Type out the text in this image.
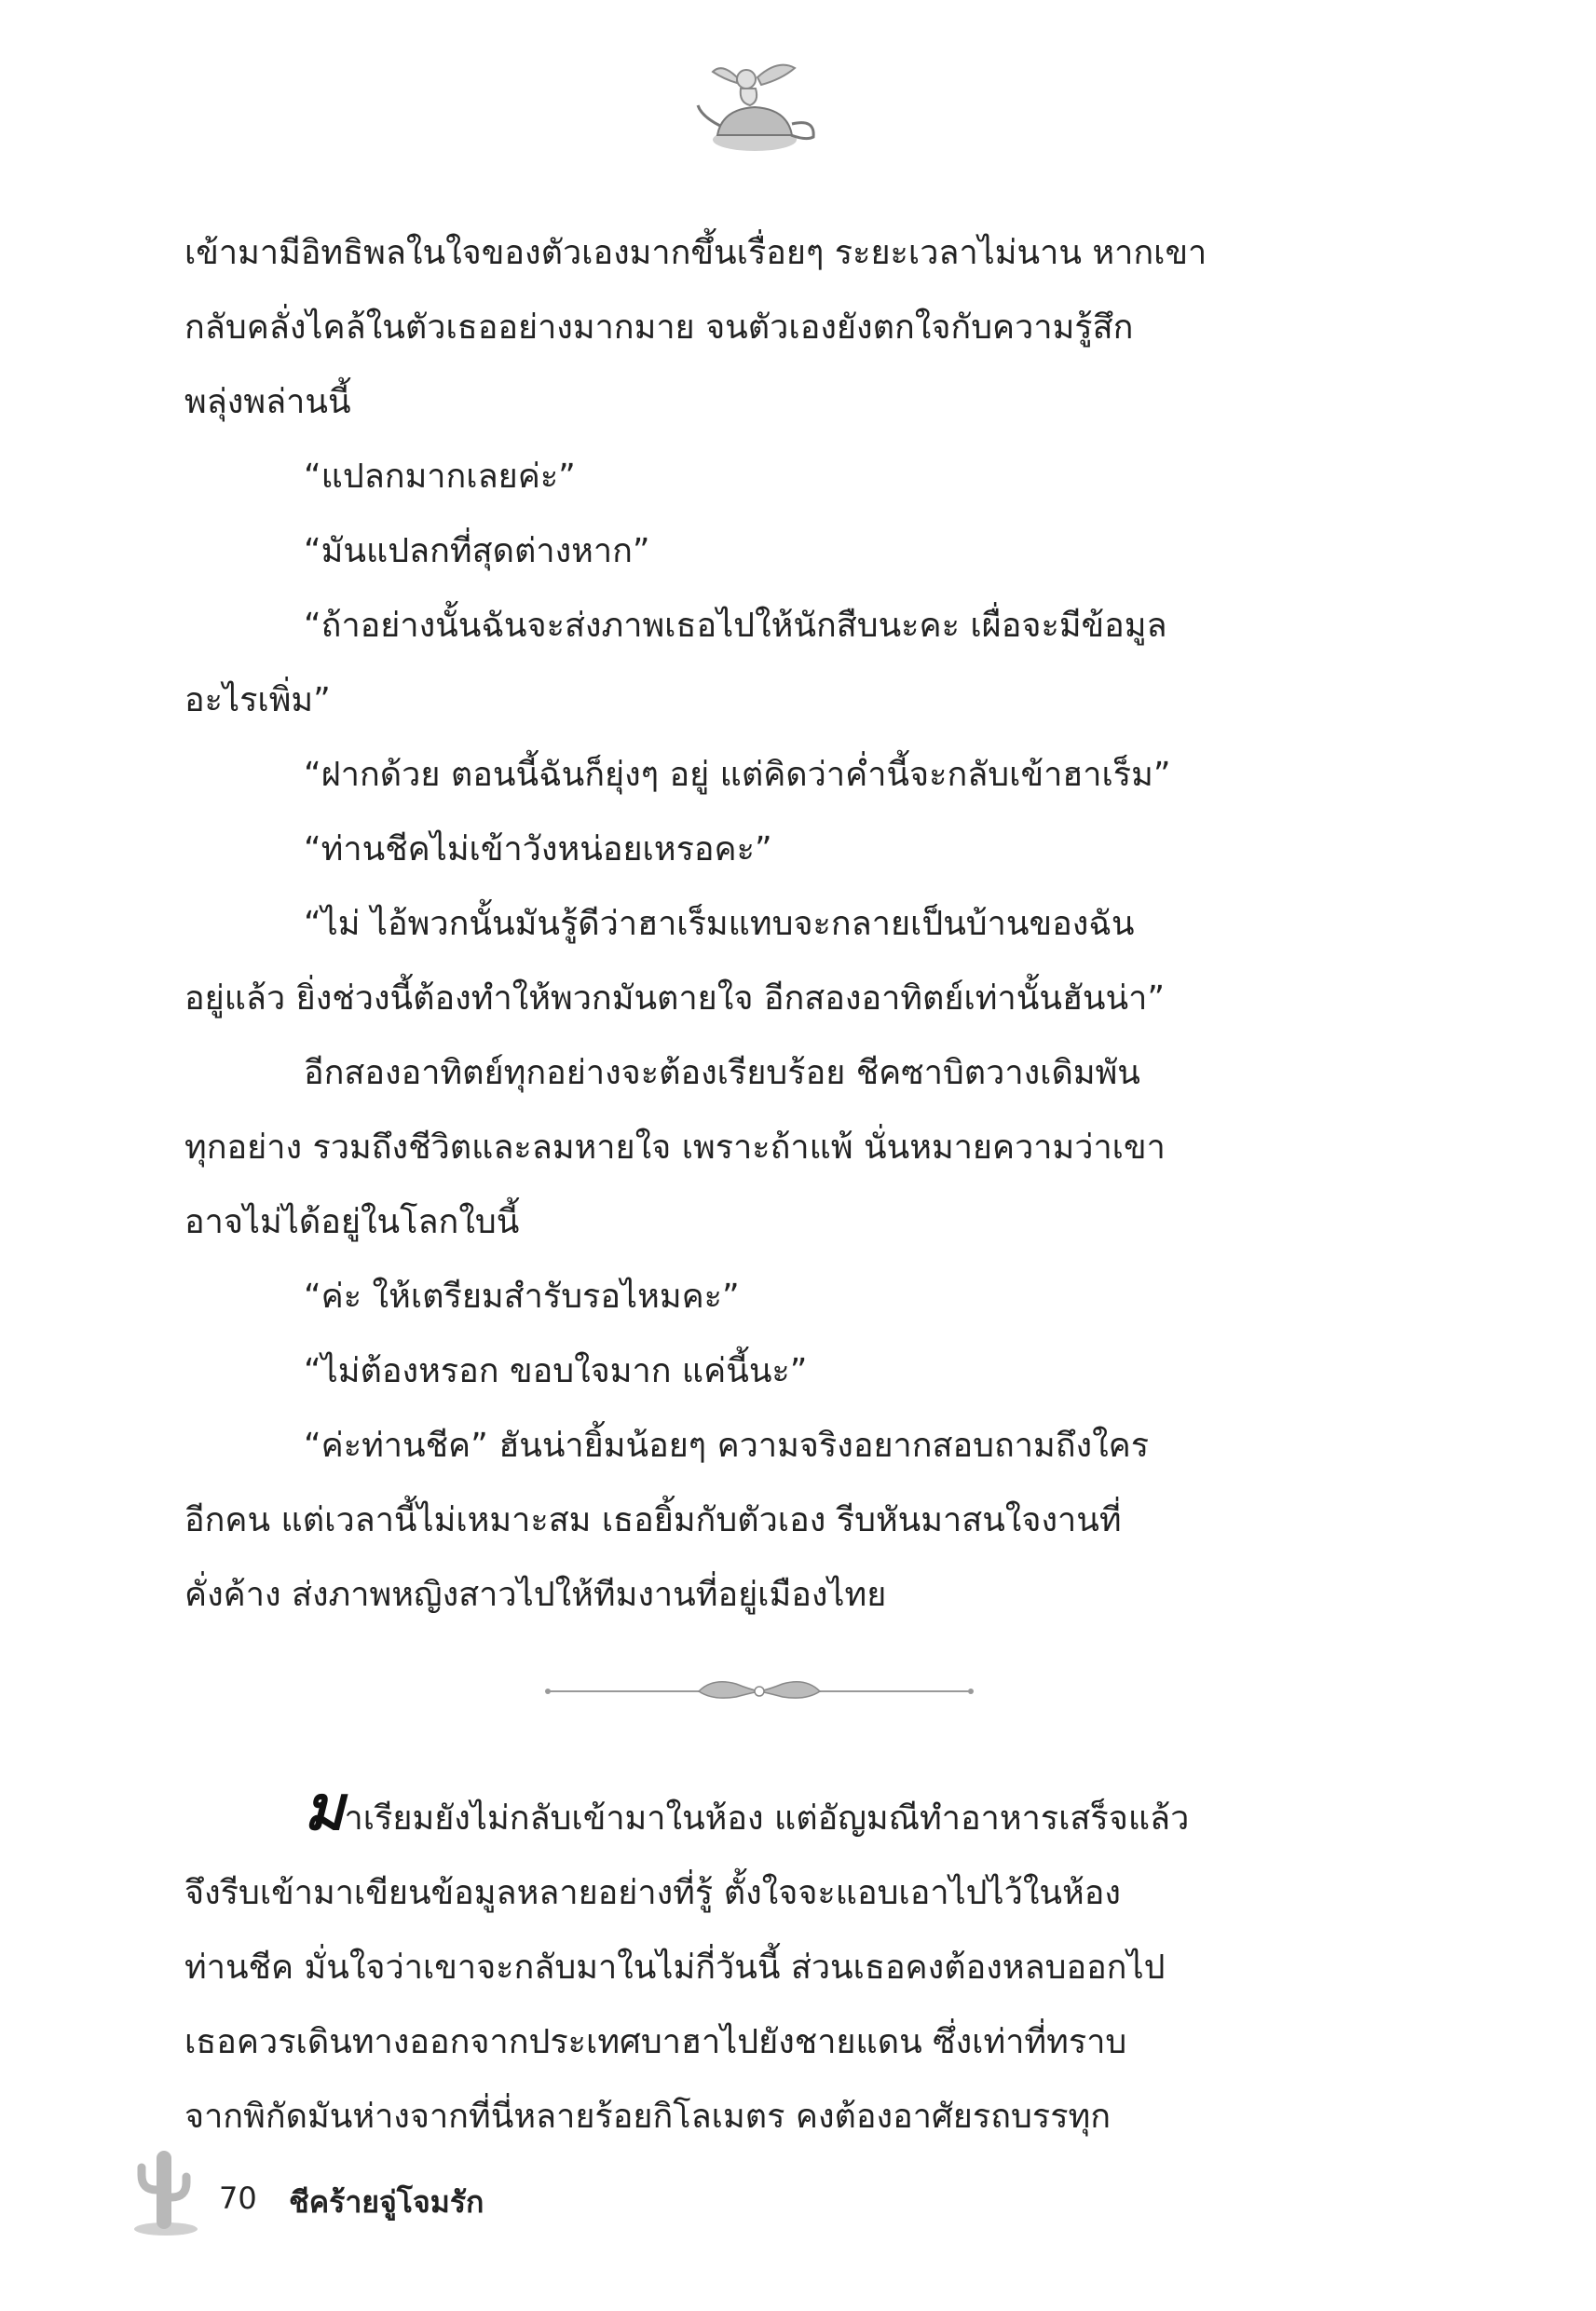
เข้ามามีอิทธิพลในใจของตัวเองมากขึ้นเรื่อยๆ ระยะเวลาไม่นาน หากเขา

กลับคลั่งไคล้ในตัวเธออย่างมากมาย จนตัวเองยังตกใจกับความรู้สึก

พลุ่งพล่านนี้

“แปลกมากเลยค่ะ”

“มันแปลกที่สุดต่างหาก”

“ถ้าอย่างนั้นฉันจะส่งภาพเธอไปให้นักสืบนะคะ เผื่อจะมีข้อมูล

อะไรเพิ่ม”

“ฝากด้วย ตอนนี้ฉันก็ยุ่งๆ อยู่ แต่คิดว่าค่ำนี้จะกลับเข้าฮาเร็ม”

“ท่านชีคไม่เข้าวังหน่อยเหรอคะ”

“ไม่ ไอ้พวกนั้นมันรู้ดีว่าฮาเร็มแทบจะกลายเป็นบ้านของฉัน

อยู่แล้ว ยิ่งช่วงนี้ต้องทำให้พวกมันตายใจ อีกสองอาทิตย์เท่านั้นฮันน่า”

อีกสองอาทิตย์ทุกอย่างจะต้องเรียบร้อย ชีคซาบิตวางเดิมพัน

ทุกอย่าง รวมถึงชีวิตและลมหายใจ เพราะถ้าแพ้ นั่นหมายความว่าเขา

อาจไม่ได้อยู่ในโลกใบนี้

“ค่ะ ให้เตรียมสำรับรอไหมคะ”

“ไม่ต้องหรอก ขอบใจมาก แค่นี้นะ”

“ค่ะท่านชีค” ฮันน่ายิ้มน้อยๆ ความจริงอยากสอบถามถึงใคร

อีกคน แต่เวลานี้ไม่เหมาะสม เธอยิ้มกับตัวเอง รีบหันมาสนใจงานที่

คั่งค้าง ส่งภาพหญิงสาวไปให้ทีมงานที่อยู่เมืองไทย

มาเรียมยังไม่กลับเข้ามาในห้อง แต่อัญมณีทำอาหารเสร็จแล้ว

จึงรีบเข้ามาเขียนข้อมูลหลายอย่างที่รู้ ตั้งใจจะแอบเอาไปไว้ในห้อง

ท่านชีค มั่นใจว่าเขาจะกลับมาในไม่กี่วันนี้ ส่วนเธอคงต้องหลบออกไป

เธอควรเดินทางออกจากประเทศบาฮาไปยังชายแดน ซึ่งเท่าที่ทราบ

จากพิกัดมันห่างจากที่นี่หลายร้อยกิโลเมตร คงต้องอาศัยรถบรรทุก

70 ชีคร้ายจู่โจมรัก
